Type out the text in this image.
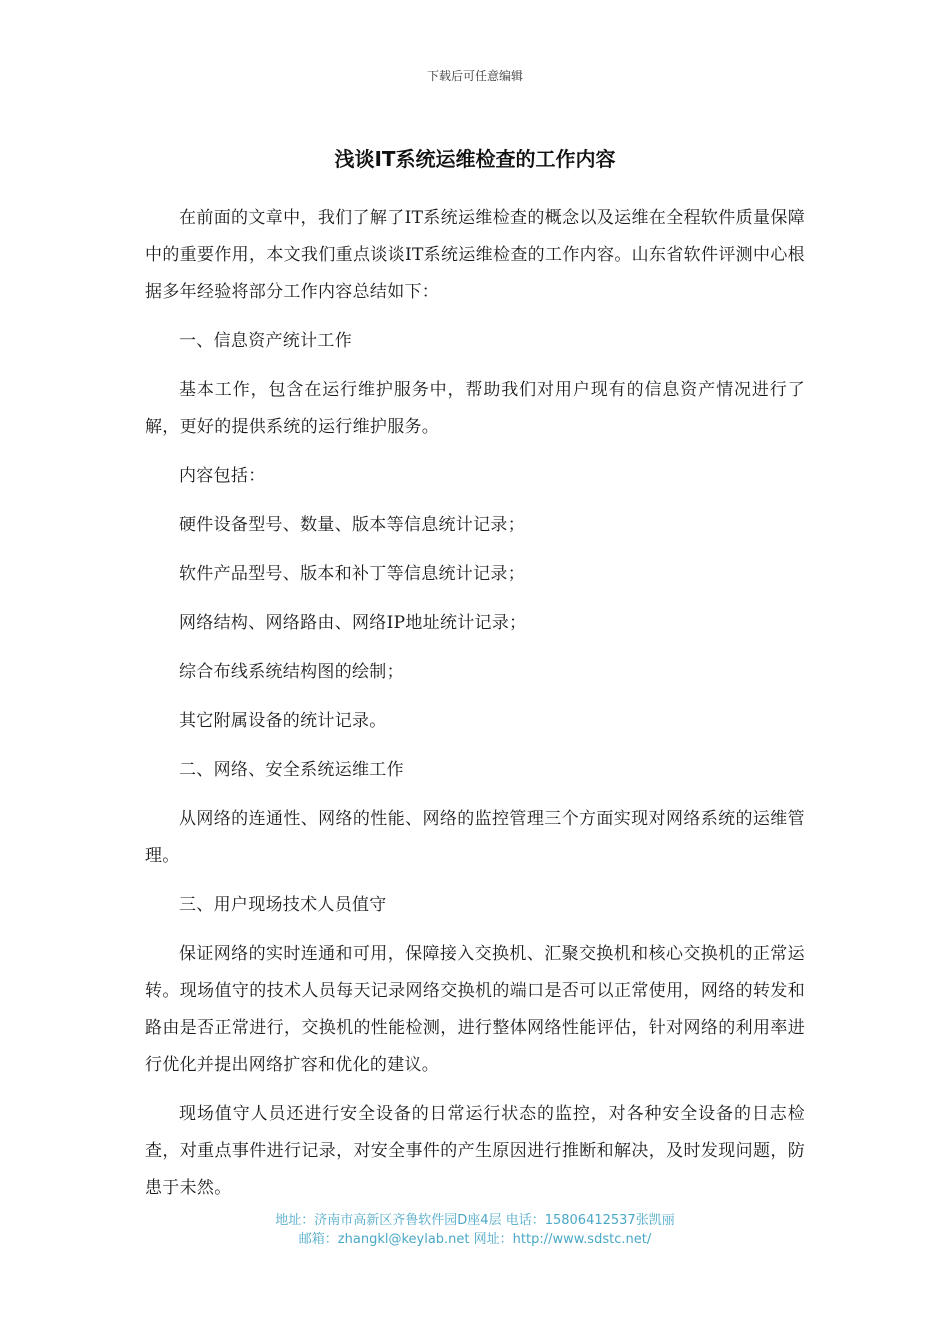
下载后可任意编辑
浅谈IT系统运维检查的工作内容

在前面的文章中，我们了解了IT系统运维检查的概念以及运维在全程软件质量保障中的重要作用，本文我们重点谈谈IT系统运维检查的工作内容。山东省软件评测中心根据多年经验将部分工作内容总结如下：

一、信息资产统计工作

基本工作，包含在运行维护服务中，帮助我们对用户现有的信息资产情况进行了解，更好的提供系统的运行维护服务。

内容包括：

硬件设备型号、数量、版本等信息统计记录；

软件产品型号、版本和补丁等信息统计记录；

网络结构、网络路由、网络IP地址统计记录；

综合布线系统结构图的绘制；

其它附属设备的统计记录。

二、网络、安全系统运维工作

从网络的连通性、网络的性能、网络的监控管理三个方面实现对网络系统的运维管理。

三、用户现场技术人员值守

保证网络的实时连通和可用，保障接入交换机、汇聚交换机和核心交换机的正常运转。现场值守的技术人员每天记录网络交换机的端口是否可以正常使用，网络的转发和路由是否正常进行，交换机的性能检测，进行整体网络性能评估，针对网络的利用率进行优化并提出网络扩容和优化的建议。

现场值守人员还进行安全设备的日常运行状态的监控，对各种安全设备的日志检查，对重点事件进行记录，对安全事件的产生原因进行推断和解决，及时发现问题，防患于未然。

地址：济南市高新区齐鲁软件园D座4层 电话：15806412537张凯丽
邮箱：zhangkl@keylab.net 网址：http://www.sdstc.net/
